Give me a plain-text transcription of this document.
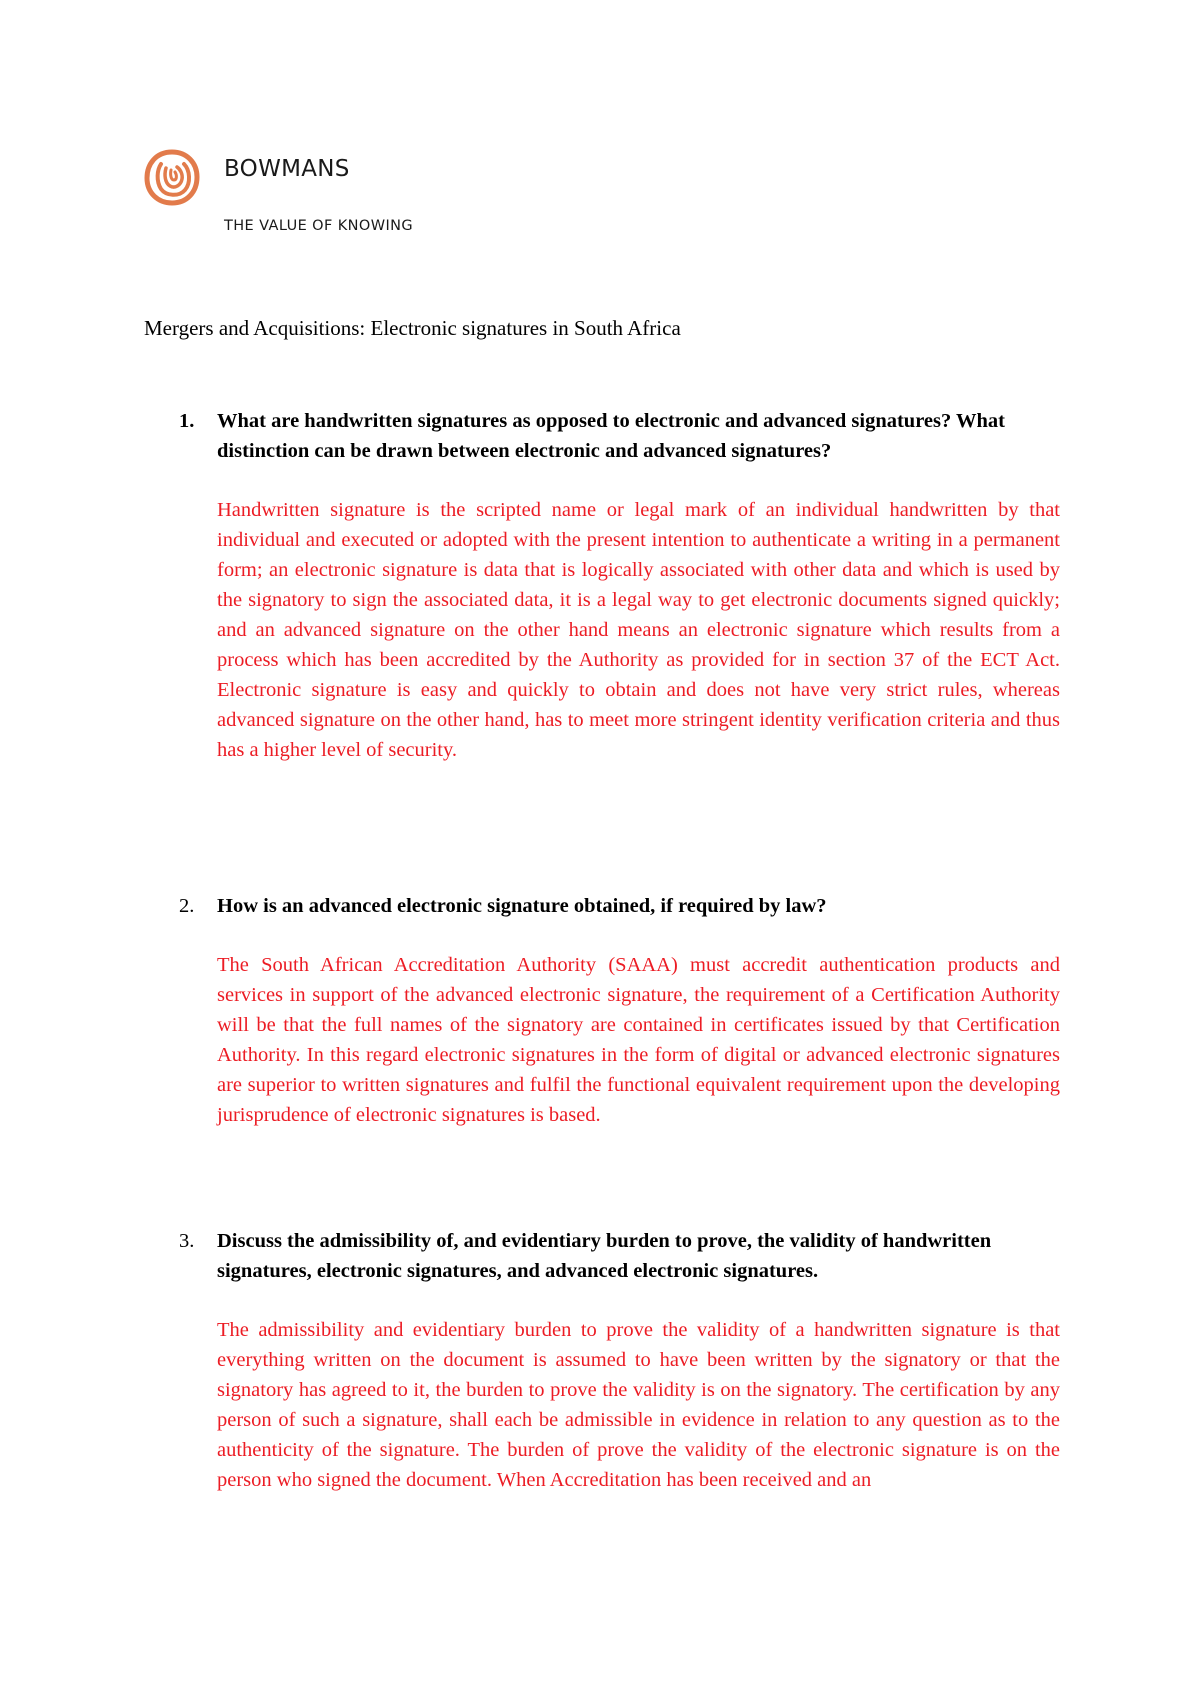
BOWMANS
THE VALUE OF KNOWING
Mergers and Acquisitions: Electronic signatures in South Africa
1. What are handwritten signatures as opposed to electronic and advanced signatures? What distinction can be drawn between electronic and advanced signatures?
Handwritten signature is the scripted name or legal mark of an individual handwritten by that individual and executed or adopted with the present intention to authenticate a writing in a permanent form; an electronic signature is data that is logically associated with other data and which is used by the signatory to sign the associated data, it is a legal way to get electronic documents signed quickly; and an advanced signature on the other hand means an electronic signature which results from a process which has been accredited by the Authority as provided for in section 37 of the ECT Act. Electronic signature is easy and quickly to obtain and does not have very strict rules, whereas advanced signature on the other hand, has to meet more stringent identity verification criteria and thus has a higher level of security.
2. How is an advanced electronic signature obtained, if required by law?
The South African Accreditation Authority (SAAA) must accredit authentication products and services in support of the advanced electronic signature, the requirement of a Certification Authority will be that the full names of the signatory are contained in certificates issued by that Certification Authority. In this regard electronic signatures in the form of digital or advanced electronic signatures are superior to written signatures and fulfil the functional equivalent requirement upon the developing jurisprudence of electronic signatures is based.
3. Discuss the admissibility of, and evidentiary burden to prove, the validity of handwritten signatures, electronic signatures, and advanced electronic signatures.
The admissibility and evidentiary burden to prove the validity of a handwritten signature is that everything written on the document is assumed to have been written by the signatory or that the signatory has agreed to it, the burden to prove the validity is on the signatory. The certification by any person of such a signature, shall each be admissible in evidence in relation to any question as to the authenticity of the signature. The burden of prove the validity of the electronic signature is on the person who signed the document. When Accreditation has been received and an
